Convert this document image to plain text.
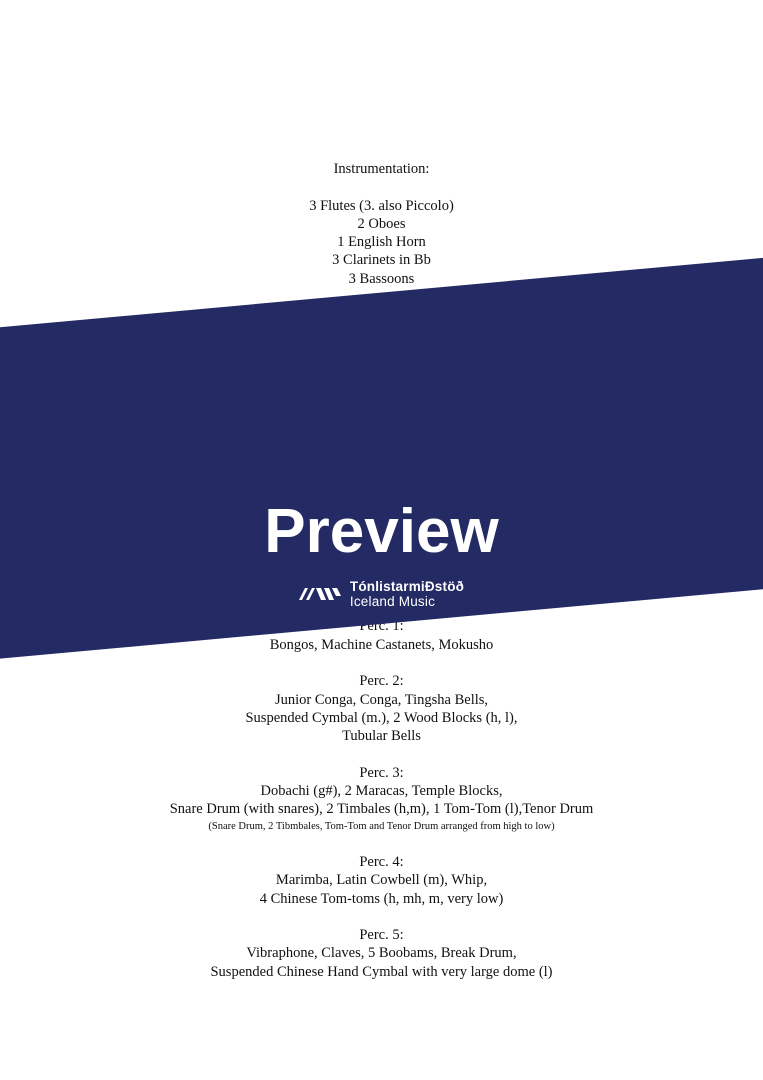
Instrumentation:
3 Flutes (3. also Piccolo)
2 Oboes
1 English Horn
3 Clarinets in Bb
3 Bassoons
Perc. 1:
Bongos, Machine Castanets, Mokusho
Perc. 2:
Junior Conga, Conga, Tingsha Bells,
Suspended Cymbal (m.), 2 Wood Blocks (h, l),
Tubular Bells
Perc. 3:
Dobachi (g#), 2 Maracas, Temple Blocks,
Snare Drum (with snares), 2 Timbales (h,m), 1 Tom-Tom (l),Tenor Drum
(Snare Drum, 2 Tibmbales, Tom-Tom and Tenor Drum arranged from high to low)
Perc. 4:
Marimba, Latin Cowbell (m), Whip,
4 Chinese Tom-toms (h, mh, m, very low)
Perc. 5:
Vibraphone, Claves, 5 Boobams, Break Drum,
Suspended Chinese Hand Cymbal with very large dome (l)
Preview
TónlistarmiÐstöð
Iceland Music
